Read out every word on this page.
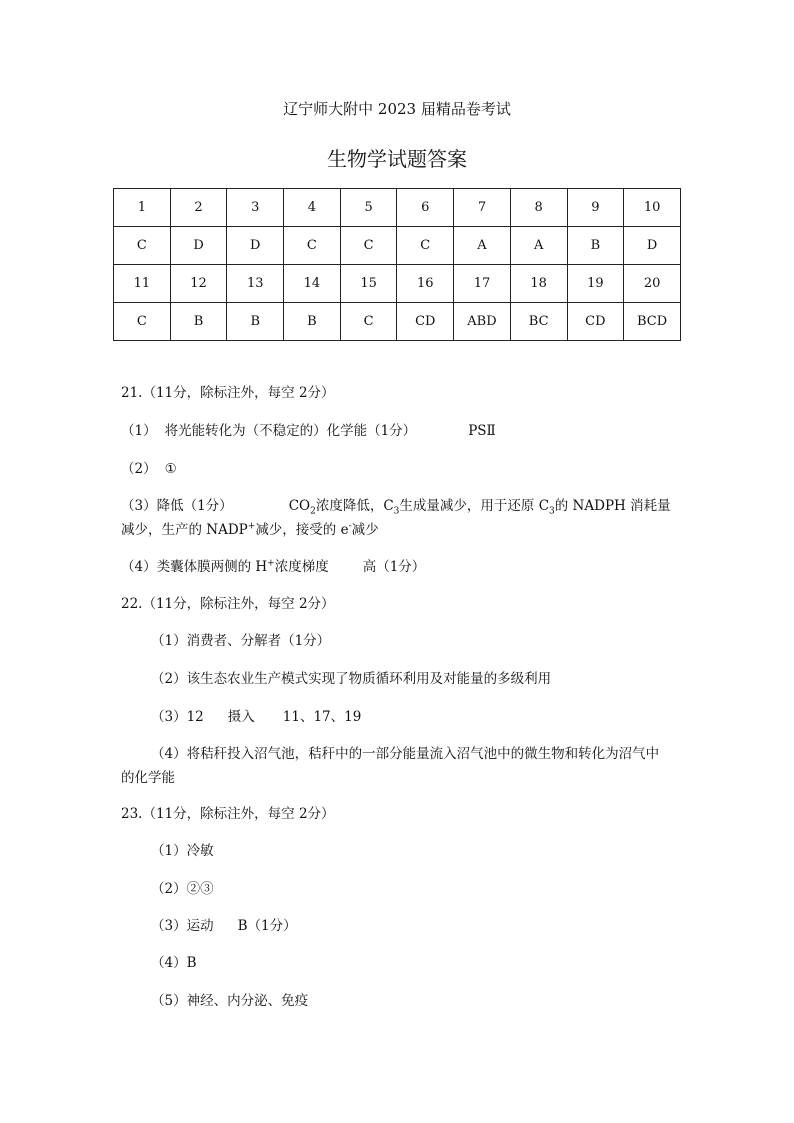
辽宁师大附中 2023 届精品卷考试
生物学试题答案
1	2	3	4	5	6	7	8	9	10
C	D	D	C	C	C	A	A	B	D
11	12	13	14	15	16	17	18	19	20
C	B	B	B	C	CD	ABD	BC	CD	BCD
21.（11分，除标注外，每空 2分）
（1） 将光能转化为（不稳定的）化学能（1分）	PSⅡ
（2） ①
（3）降低（1分）	$CO_2$浓度降低，$C_3$生成量减少，用于还原 $C_3$的 NADPH 消耗量
减少，生产的 NADP+减少，接受的 e-减少
（4）类囊体膜两侧的 H+浓度梯度	高（1分）
22.（11分，除标注外，每空 2分）
（1）消费者、分解者（1分）
（2）该生态农业生产模式实现了物质循环利用及对能量的多级利用
（3）12 摄入 11、17、19
（4）将秸秆投入沼气池，秸秆中的一部分能量流入沼气池中的微生物和转化为沼气中
的化学能
23.（11分，除标注外，每空 2分）
（1）冷敏
（2）②③
（3）运动 B（1分）
（4）B
（5）神经、内分泌、免疫
